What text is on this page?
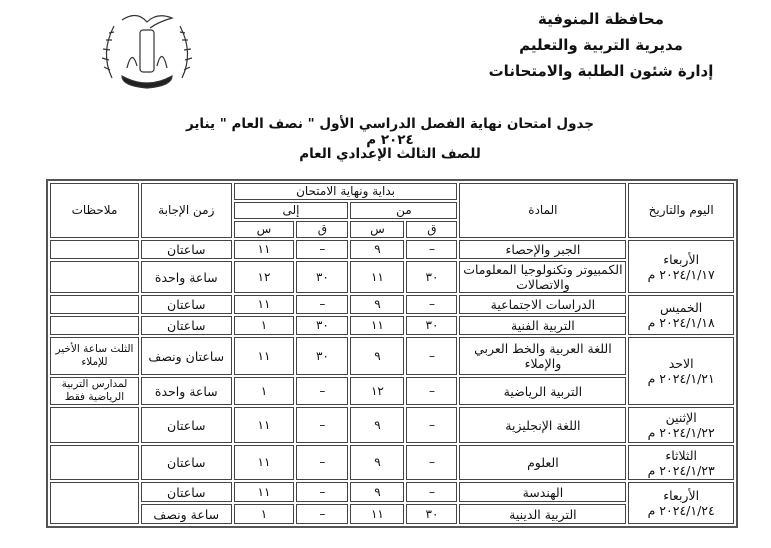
محافظة المنوفية
مديرية التربية والتعليم
إدارة شئون الطلبة والامتحانات
جدول امتحان نهاية الفصل الدراسي الأول " نصف العام " يناير ٢٠٢٤ م
للصف الثالث الإعدادي العام
اليوم والتاريخ	المادة	بداية ونهاية الامتحان				زمن الإجابة	ملاحظات
		من		إلى			
		ق	س	ق	س		

الأربعاء
٢٠٢٤/١/١٧ م	الجبر والإحصاء	–	٩	–	١١	ساعتان	
	الكمبيوتر وتكنولوجيا المعلومات والاتصالات	٣٠	١١	٣٠	١٢	ساعة واحدة	

الخميس
٢٠٢٤/١/١٨ م	الدراسات الاجتماعية	–	٩	–	١١	ساعتان	
	التربية الفنية	٣٠	١١	٣٠	١	ساعتان	

الاحد
٢٠٢٤/١/٢١ م	اللغة العربية والخط العربي والإملاء	–	٩	٣٠	١١	ساعتان ونصف	الثلث ساعة الأخير للإملاء
	التربية الرياضية	–	١٢	–	١	ساعة واحدة	لمدارس التربية الرياضية فقط

الإثنين
٢٠٢٤/١/٢٢ م	اللغة الإنجليزية	–	٩	–	١١	ساعتان	

الثلاثاء
٢٠٢٤/١/٢٣ م	العلوم	–	٩	–	١١	ساعتان	

الأربعاء
٢٠٢٤/١/٢٤ م	الهندسة	–	٩	–	١١	ساعتان	
	التربية الدينية	٣٠	١١	–	١	ساعة ونصف	
